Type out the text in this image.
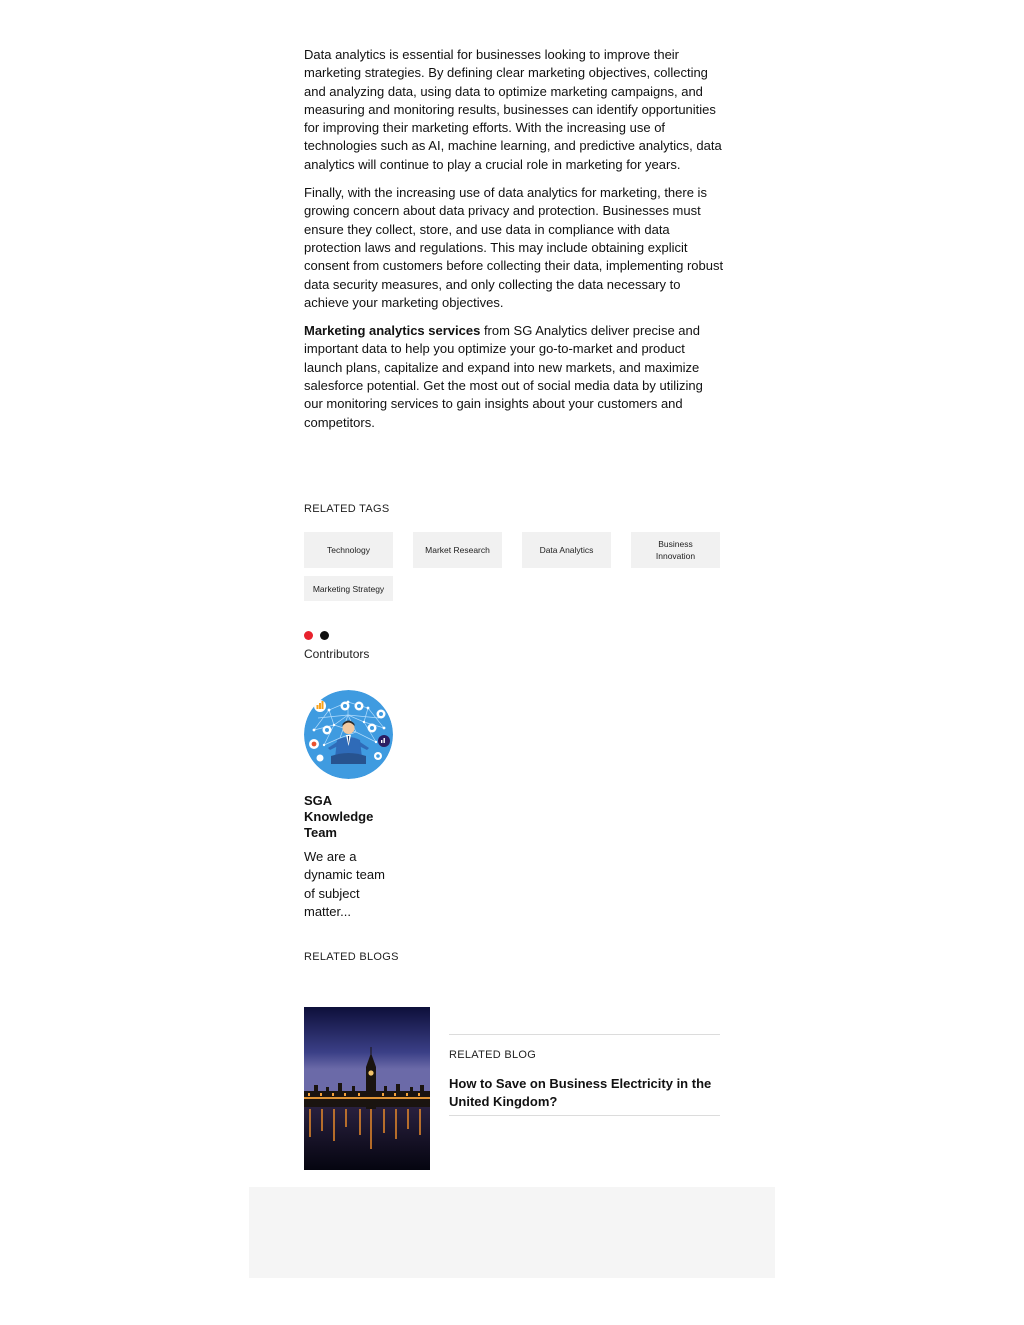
Data analytics is essential for businesses looking to improve their marketing strategies. By defining clear marketing objectives, collecting and analyzing data, using data to optimize marketing campaigns, and measuring and monitoring results, businesses can identify opportunities for improving their marketing efforts. With the increasing use of technologies such as AI, machine learning, and predictive analytics, data analytics will continue to play a crucial role in marketing for years.

Finally, with the increasing use of data analytics for marketing, there is growing concern about data privacy and protection. Businesses must ensure they collect, store, and use data in compliance with data protection laws and regulations. This may include obtaining explicit consent from customers before collecting their data, implementing robust data security measures, and only collecting the data necessary to achieve your marketing objectives.

Marketing analytics services from SG Analytics deliver precise and important data to help you optimize your go-to-market and product launch plans, capitalize and expand into new markets, and maximize salesforce potential. Get the most out of social media data by utilizing our monitoring services to gain insights about your customers and competitors.

RELATED TAGS
Technology	Market Research	Data Analytics
Business Innovation
Marketing Strategy
Contributors
SGA Knowledge Team
We are a dynamic team of subject matter...
RELATED BLOGS
RELATED BLOG
How to Save on Business Electricity in the United Kingdom?
